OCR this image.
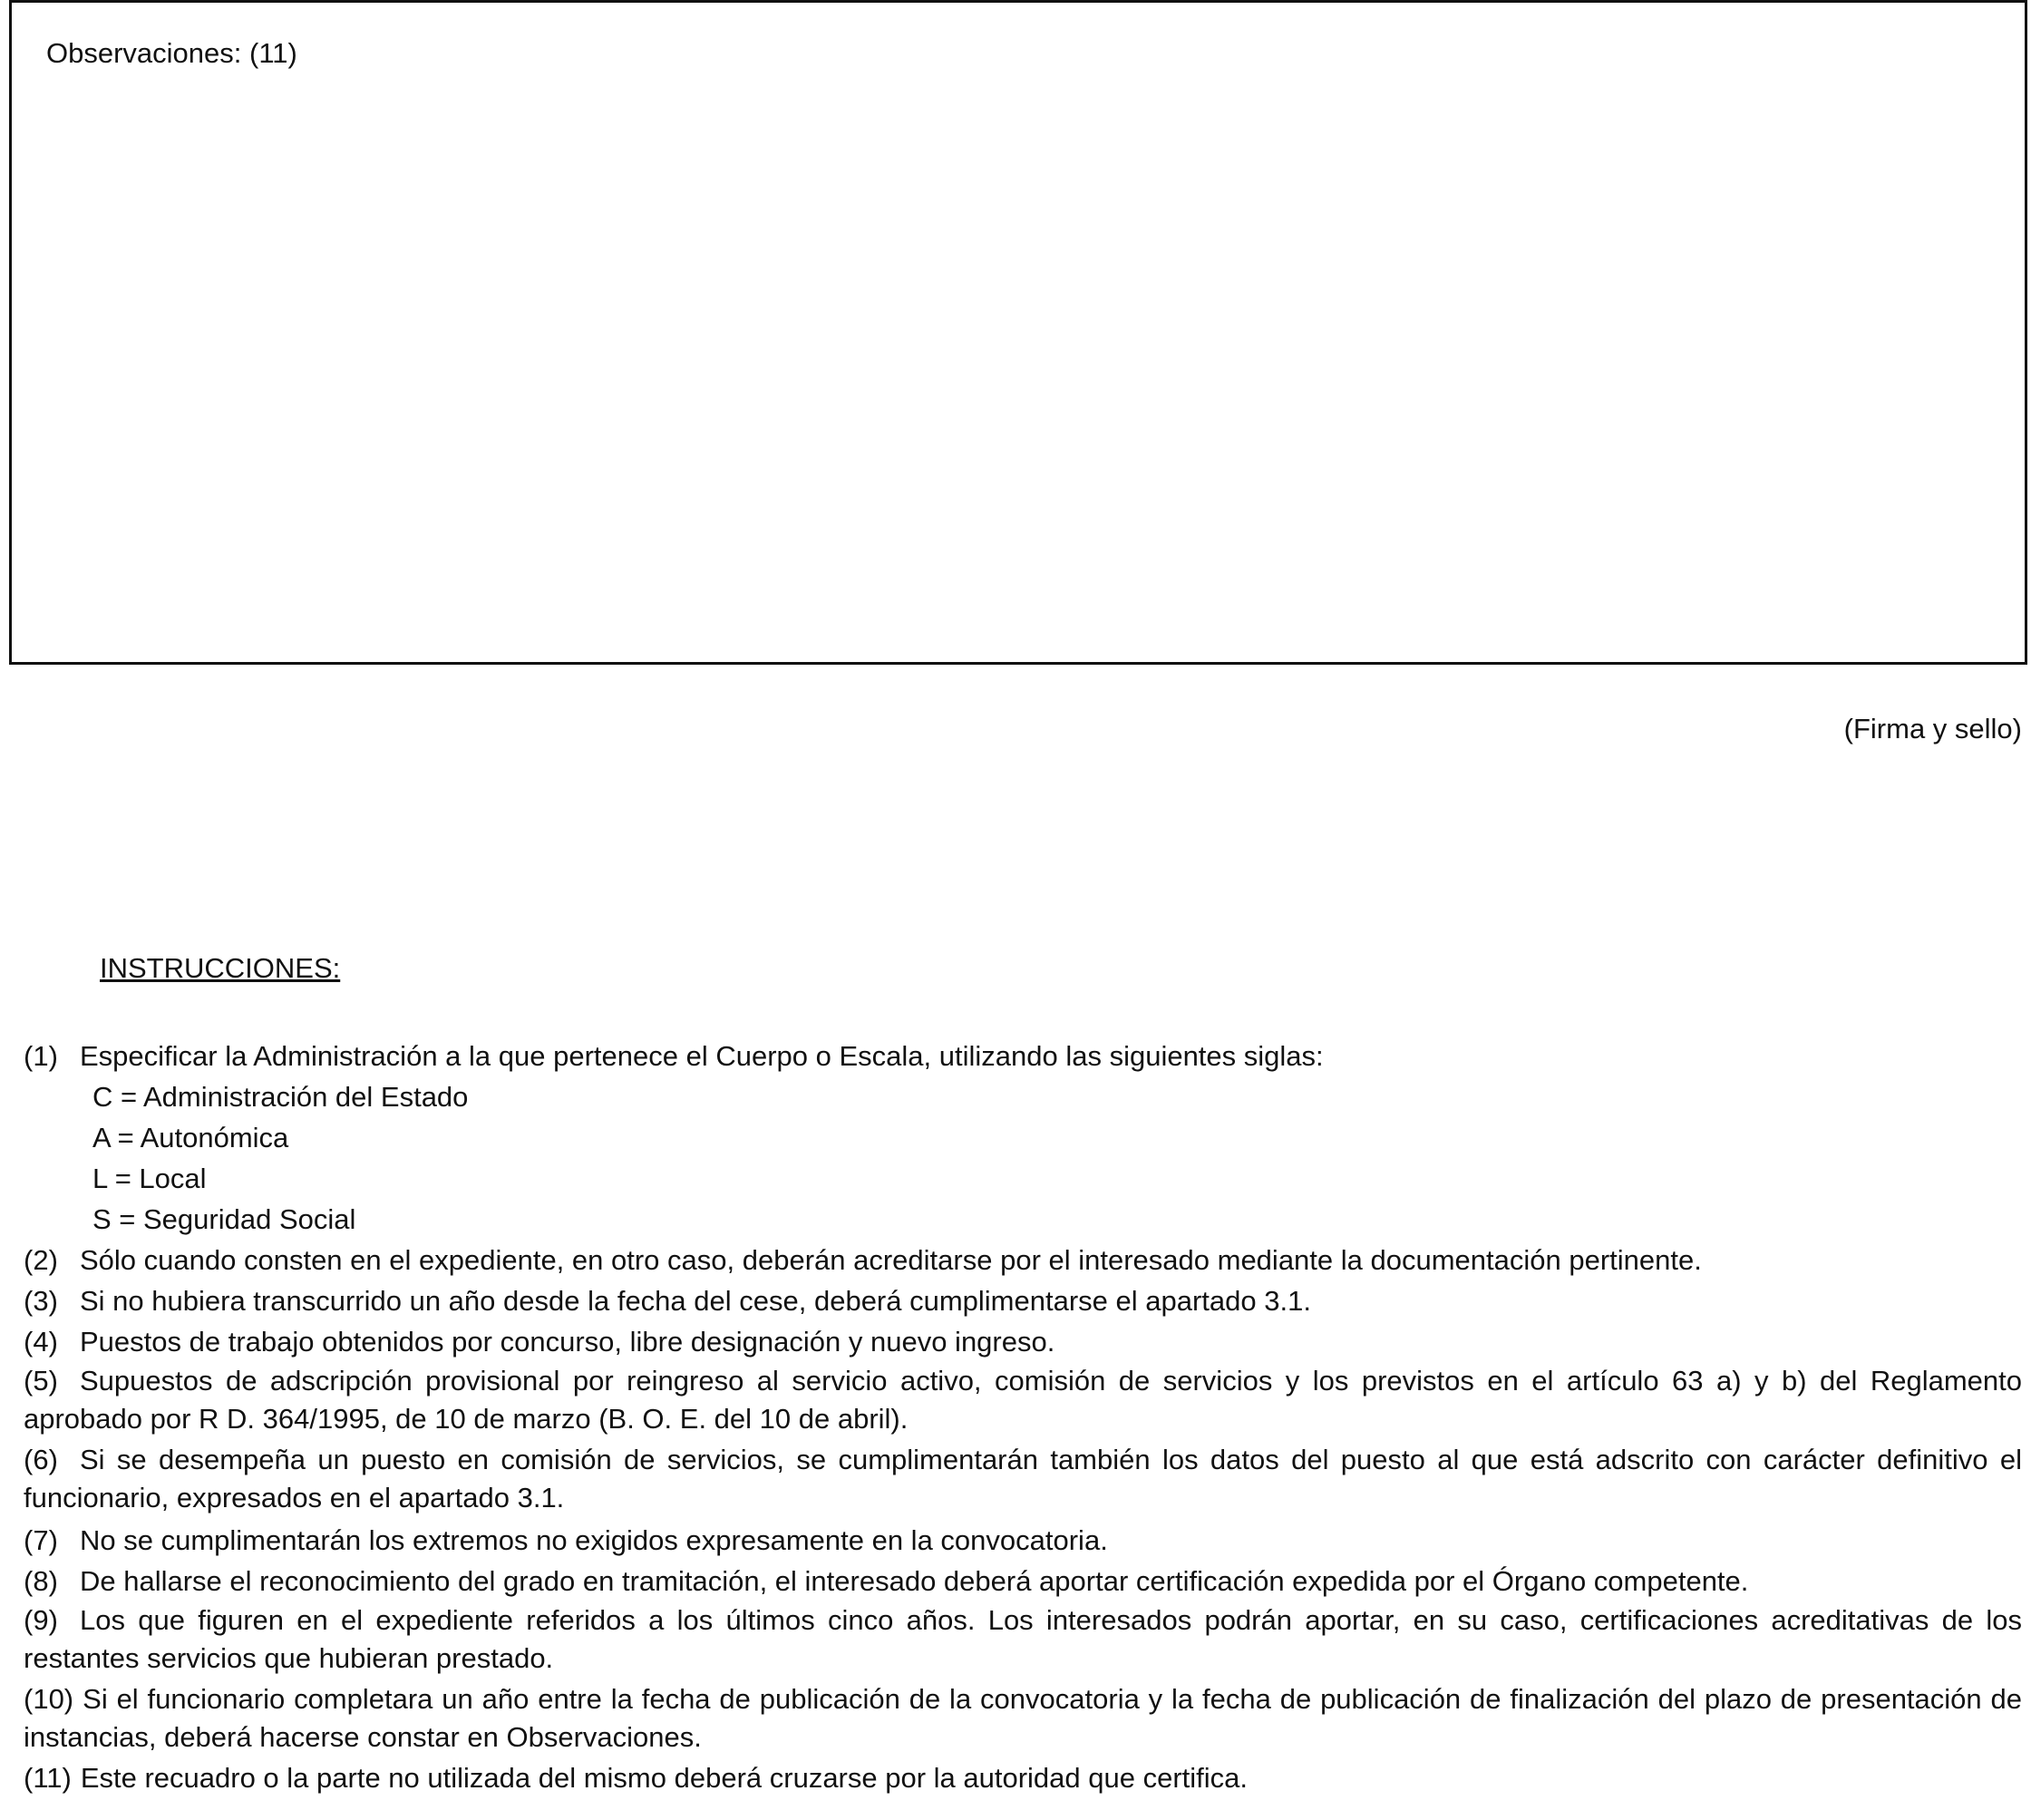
Observaciones: (11)
(Firma y sello)
INSTRUCCIONES:
(1) Especificar la Administración a la que pertenece el Cuerpo o Escala, utilizando las siguientes siglas:
C = Administración del Estado
A = Autonómica
L = Local
S = Seguridad Social
(2) Sólo cuando consten en el expediente, en otro caso, deberán acreditarse por el interesado mediante la documentación pertinente.
(3) Si no hubiera transcurrido un año desde la fecha del cese, deberá cumplimentarse el apartado 3.1.
(4) Puestos de trabajo obtenidos por concurso, libre designación y nuevo ingreso.
(5) Supuestos de adscripción provisional por reingreso al servicio activo, comisión de servicios y los previstos en el artículo 63 a) y b) del Reglamento aprobado por R D. 364/1995, de 10 de marzo (B. O. E. del 10 de abril).
(6) Si se desempeña un puesto en comisión de servicios, se cumplimentarán también los datos del puesto al que está adscrito con carácter definitivo el funcionario, expresados en el apartado 3.1.
(7) No se cumplimentarán los extremos no exigidos expresamente en la convocatoria.
(8) De hallarse el reconocimiento del grado en tramitación, el interesado deberá aportar certificación expedida por el Órgano competente.
(9) Los que figuren en el expediente referidos a los últimos cinco años. Los interesados podrán aportar, en su caso, certificaciones acreditativas de los restantes servicios que hubieran prestado.
(10) Si el funcionario completara un año entre la fecha de publicación de la convocatoria y la fecha de publicación de finalización del plazo de presentación de instancias, deberá hacerse constar en Observaciones.
(11) Este recuadro o la parte no utilizada del mismo deberá cruzarse por la autoridad que certifica.
